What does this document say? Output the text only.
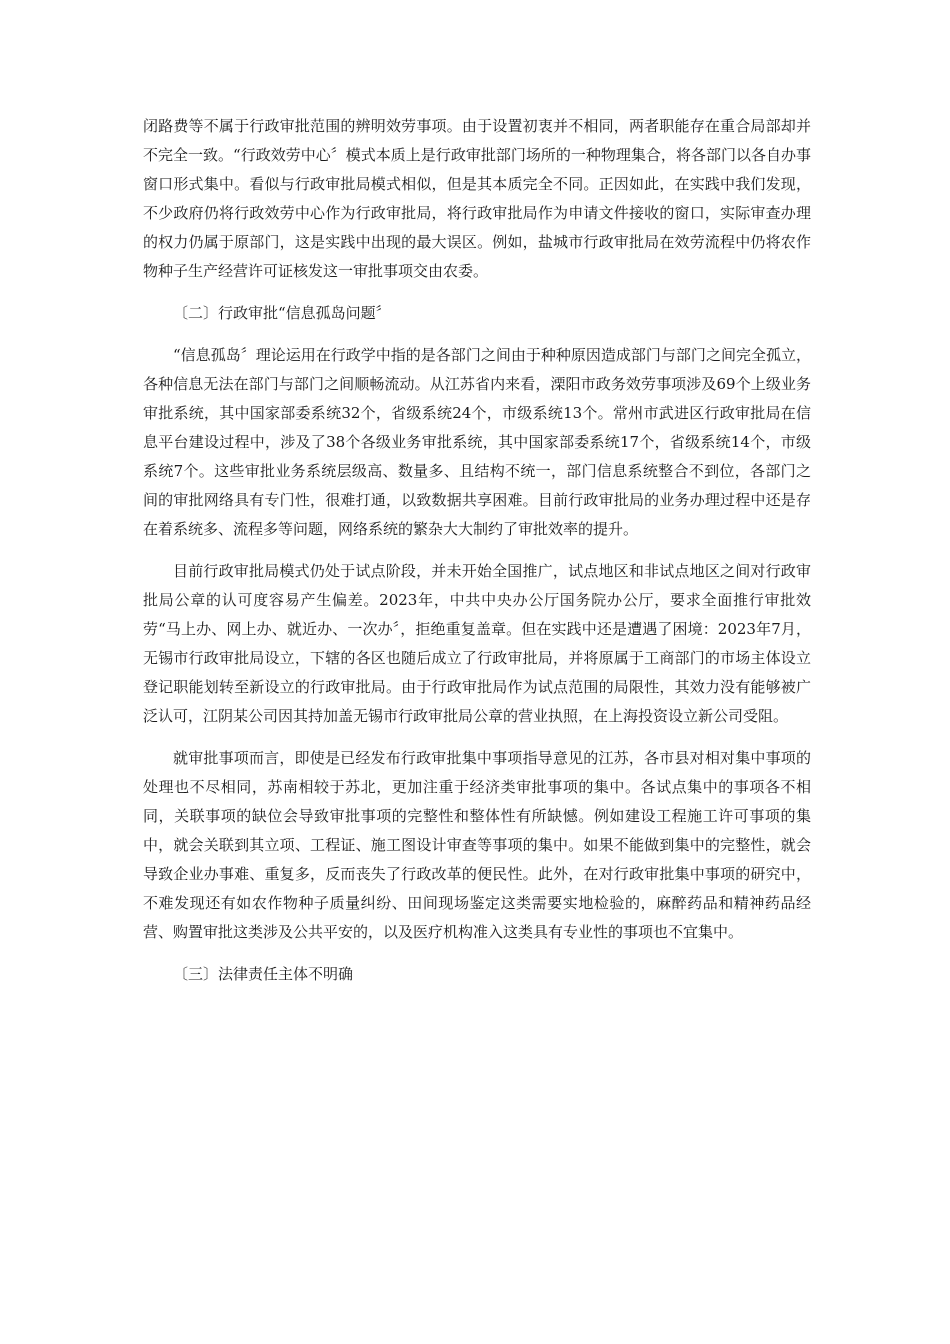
闭路费等不属于行政审批范围的辨明效劳事项。由于设置初衷并不相同，两者职能存在重合局部却并不完全一致。“行政效劳中心〞模式本质上是行政审批部门场所的一种物理集合，将各部门以各自办事窗口形式集中。看似与行政审批局模式相似，但是其本质完全不同。正因如此，在实践中我们发现，不少政府仍将行政效劳中心作为行政审批局，将行政审批局作为申请文件接收的窗口，实际审查办理的权力仍属于原部门，这是实践中出现的最大误区。例如，盐城市行政审批局在效劳流程中仍将农作物种子生产经营许可证核发这一审批事项交由农委。

〔二〕行政审批“信息孤岛问题〞

“信息孤岛〞理论运用在行政学中指的是各部门之间由于种种原因造成部门与部门之间完全孤立，各种信息无法在部门与部门之间顺畅流动。从江苏省内来看，溧阳市政务效劳事项涉及69个上级业务审批系统，其中国家部委系统32个，省级系统24个，市级系统13个。常州市武进区行政审批局在信息平台建设过程中，涉及了38个各级业务审批系统，其中国家部委系统17个，省级系统14个，市级系统7个。这些审批业务系统层级高、数量多、且结构不统一，部门信息系统整合不到位，各部门之间的审批网络具有专门性，很难打通，以致数据共享困难。目前行政审批局的业务办理过程中还是存在着系统多、流程多等问题，网络系统的繁杂大大制约了审批效率的提升。

目前行政审批局模式仍处于试点阶段，并未开始全国推广，试点地区和非试点地区之间对行政审批局公章的认可度容易产生偏差。2023年，中共中央办公厅国务院办公厅，要求全面推行审批效劳“马上办、网上办、就近办、一次办〞，拒绝重复盖章。但在实践中还是遭遇了困境：2023年7月，无锡市行政审批局设立，下辖的各区也随后成立了行政审批局，并将原属于工商部门的市场主体设立登记职能划转至新设立的行政审批局。由于行政审批局作为试点范围的局限性，其效力没有能够被广泛认可，江阴某公司因其持加盖无锡市行政审批局公章的营业执照，在上海投资设立新公司受阻。

就审批事项而言，即使是已经发布行政审批集中事项指导意见的江苏，各市县对相对集中事项的处理也不尽相同，苏南相较于苏北，更加注重于经济类审批事项的集中。各试点集中的事项各不相同，关联事项的缺位会导致审批事项的完整性和整体性有所缺憾。例如建设工程施工许可事项的集中，就会关联到其立项、工程证、施工图设计审查等事项的集中。如果不能做到集中的完整性，就会导致企业办事难、重复多，反而丧失了行政改革的便民性。此外，在对行政审批集中事项的研究中，不难发现还有如农作物种子质量纠纷、田间现场鉴定这类需要实地检验的，麻醉药品和精神药品经营、购置审批这类涉及公共平安的，以及医疗机构准入这类具有专业性的事项也不宜集中。

〔三〕法律责任主体不明确
